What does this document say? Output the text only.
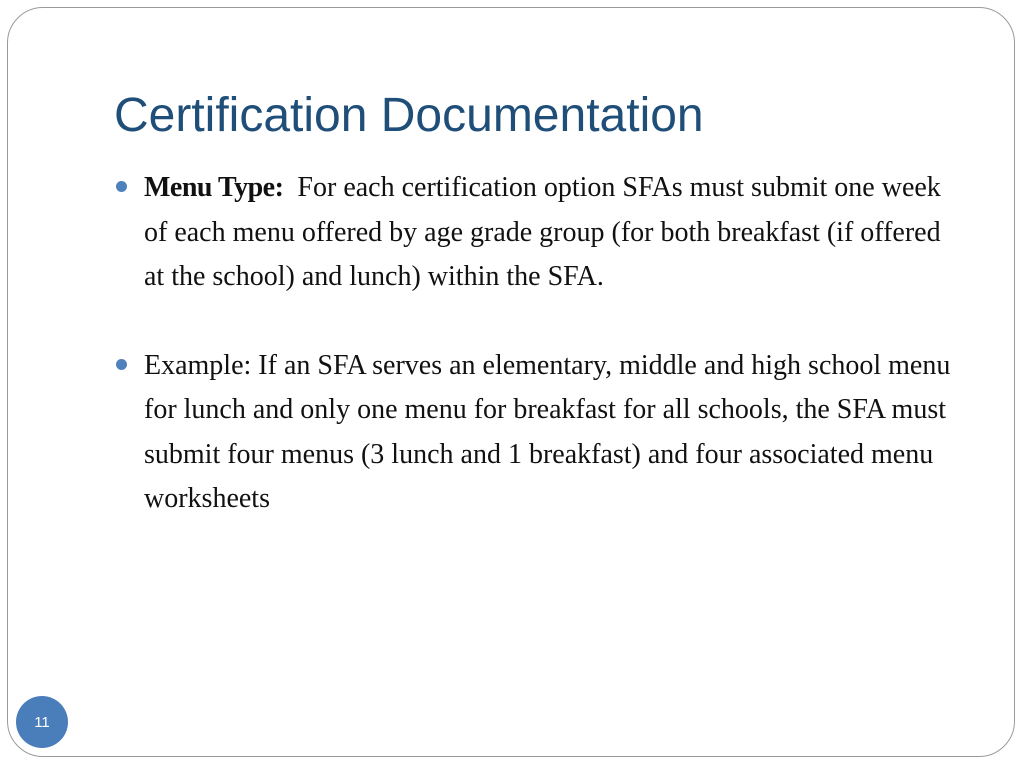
Certification Documentation
Menu Type: For each certification option SFAs must submit one week of each menu offered by age grade group (for both breakfast (if offered at the school) and lunch) within the SFA.
Example: If an SFA serves an elementary, middle and high school menu for lunch and only one menu for breakfast for all schools, the SFA must submit four menus (3 lunch and 1 breakfast) and four associated menu worksheets
11
